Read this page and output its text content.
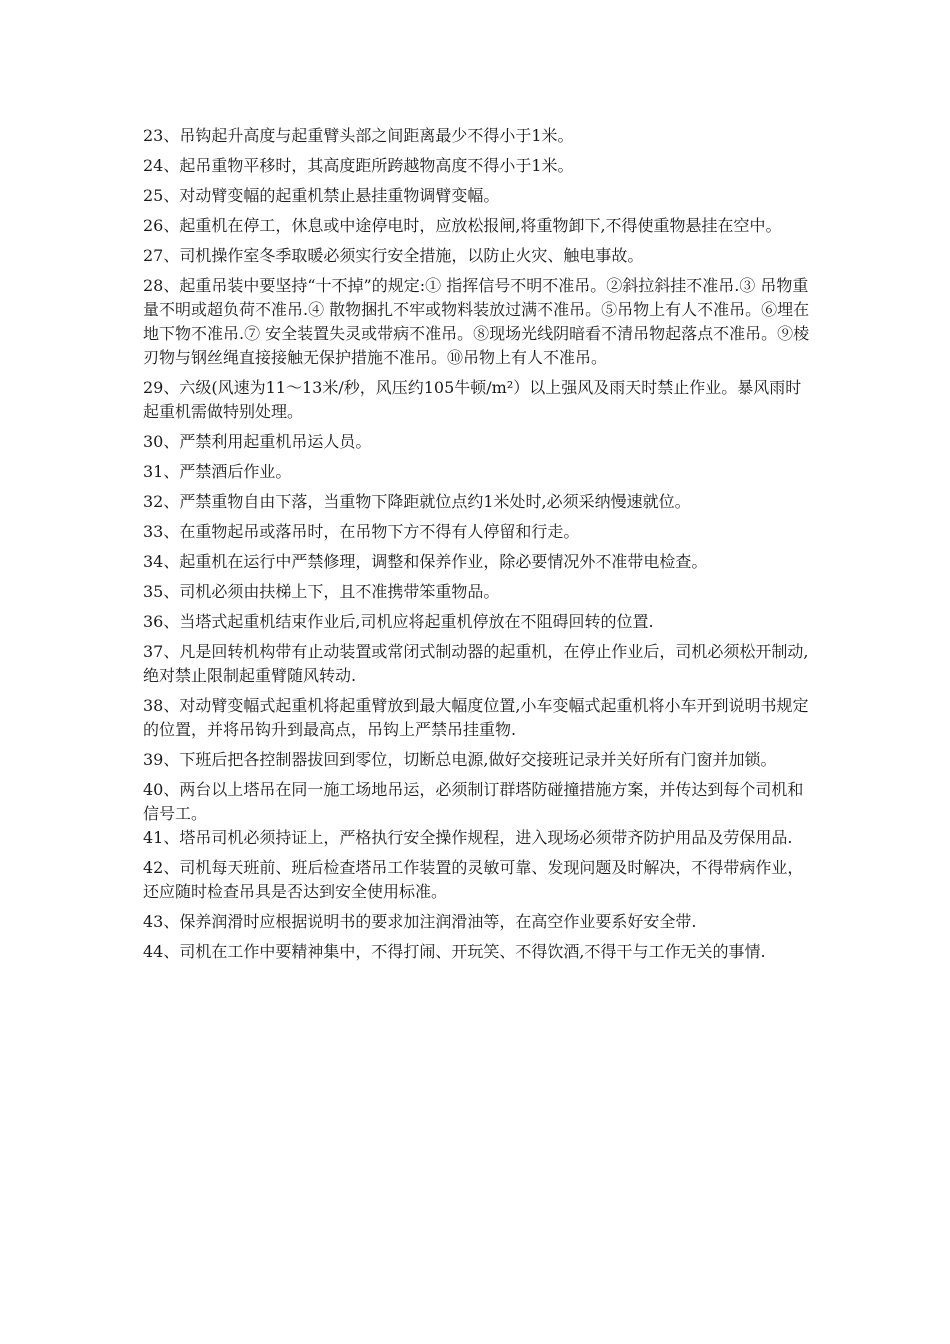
23、吊钩起升高度与起重臂头部之间距离最少不得小于1米。

24、起吊重物平移时，其高度距所跨越物高度不得小于1米。

25、对动臂变幅的起重机禁止悬挂重物调臂变幅。

26、起重机在停工，休息或中途停电时，应放松报闸,将重物卸下,不得使重物悬挂在空中。

27、司机操作室冬季取暖必须实行安全措施，以防止火灾、触电事故。

28、起重吊装中要坚持“十不掉”的规定:① 指挥信号不明不准吊。②斜拉斜挂不准吊.③ 吊物重量不明或超负荷不准吊.④ 散物捆扎不牢或物料装放过满不准吊。⑤吊物上有人不准吊。⑥埋在地下物不准吊.⑦ 安全装置失灵或带病不准吊。⑧现场光线阴暗看不清吊物起落点不准吊。⑨棱刃物与钢丝绳直接接触无保护措施不准吊。⑩吊物上有人不准吊。

29、六级(风速为11～13米/秒，风压约105牛顿/m²）以上强风及雨天时禁止作业。暴风雨时起重机需做特别处理。

30、严禁利用起重机吊运人员。

31、严禁酒后作业。

32、严禁重物自由下落，当重物下降距就位点约1米处时,必须采纳慢速就位。

33、在重物起吊或落吊时，在吊物下方不得有人停留和行走。

34、起重机在运行中严禁修理，调整和保养作业，除必要情况外不准带电检查。

35、司机必须由扶梯上下，且不准携带笨重物品。

36、当塔式起重机结束作业后,司机应将起重机停放在不阻碍回转的位置.

37、凡是回转机构带有止动装置或常闭式制动器的起重机，在停止作业后，司机必须松开制动,绝对禁止限制起重臂随风转动.

38、对动臂变幅式起重机将起重臂放到最大幅度位置,小车变幅式起重机将小车开到说明书规定的位置，并将吊钩升到最高点，吊钩上严禁吊挂重物.

39、下班后把各控制器拔回到零位，切断总电源,做好交接班记录并关好所有门窗并加锁。

40、两台以上塔吊在同一施工场地吊运，必须制订群塔防碰撞措施方案，并传达到每个司机和信号工。

41、塔吊司机必须持证上，严格执行安全操作规程，进入现场必须带齐防护用品及劳保用品.

42、司机每天班前、班后检查塔吊工作装置的灵敏可靠、发现问题及时解决，不得带病作业，还应随时检查吊具是否达到安全使用标准。

43、保养润滑时应根据说明书的要求加注润滑油等，在高空作业要系好安全带.

44、司机在工作中要精神集中，不得打闹、开玩笑、不得饮酒,不得干与工作无关的事情.
